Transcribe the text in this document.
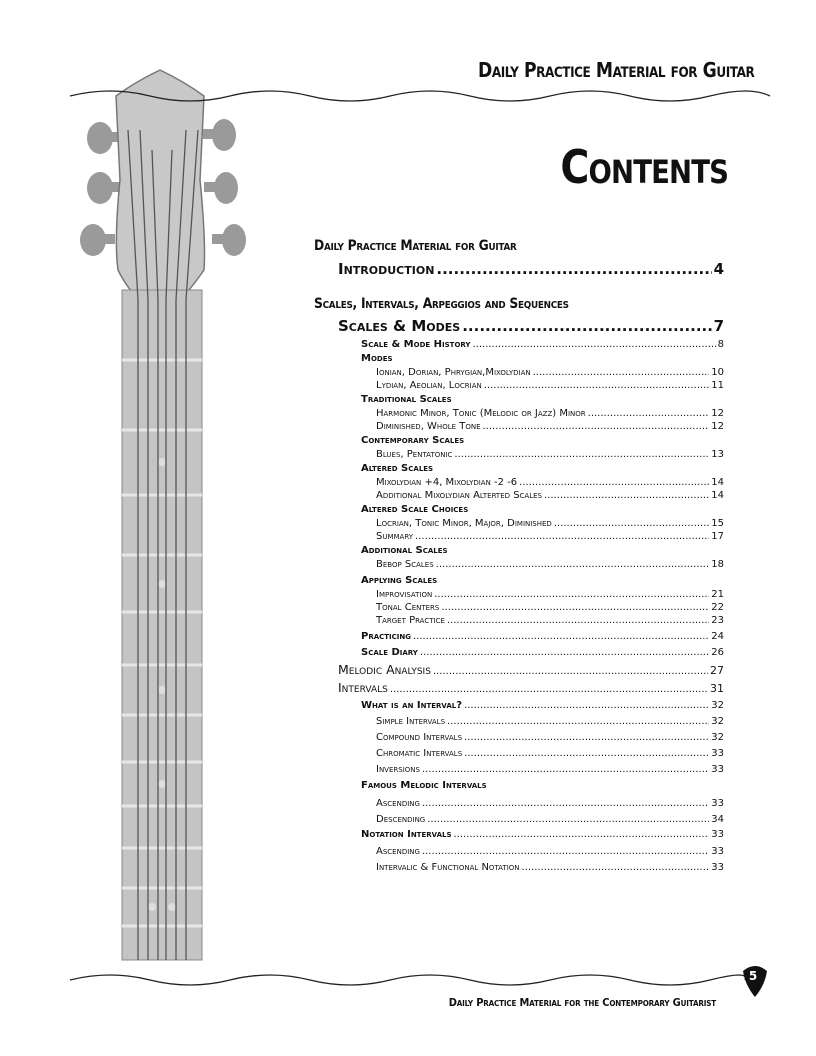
Daily Practice Material for Guitar
Contents
Daily Practice Material for Guitar
Introduction .....	4
Scales, Intervals, Arpeggios and Sequences
Scales & Modes .....	7
Scale & Mode History .....	8
Modes
Ionian, Dorian, Phrygian,Mixolydian .....	10
Lydian, Aeolian, Locrian .....	11
Traditional Scales
Harmonic Minor, Tonic (Melodic or Jazz) Minor .....	12
Diminished, Whole Tone .....	12
Contemporary Scales
Blues, Pentatonic .....	13
Altered Scales
Mixolydian +4, Mixolydian -2 -6 .....	14
Additional Mixolydian Alterted Scales .....	14
Altered Scale Choices
Locrian, Tonic Minor, Major, Diminished .....	15
Summary .....	17
Additional Scales
Bebop Scales .....	18
Applying Scales
Improvisation .....	21
Tonal Centers .....	22
Target Practice .....	23
Practicing .....	24
Scale Diary .....	26
Melodic Analysis .....	27
Intervals .....	31
What is an Interval? .....	32
Simple Intervals .....	32
Compound Intervals .....	32
Chromatic Intervals .....	33
Inversions .....	33
Famous Melodic Intervals
Ascending .....	33
Descending .....	34
Notation Intervals .....	33
Ascending .....	33
Intervalic & Functional Notation .....	33
5
Daily Practice Material for the Contemporary Guitarist
